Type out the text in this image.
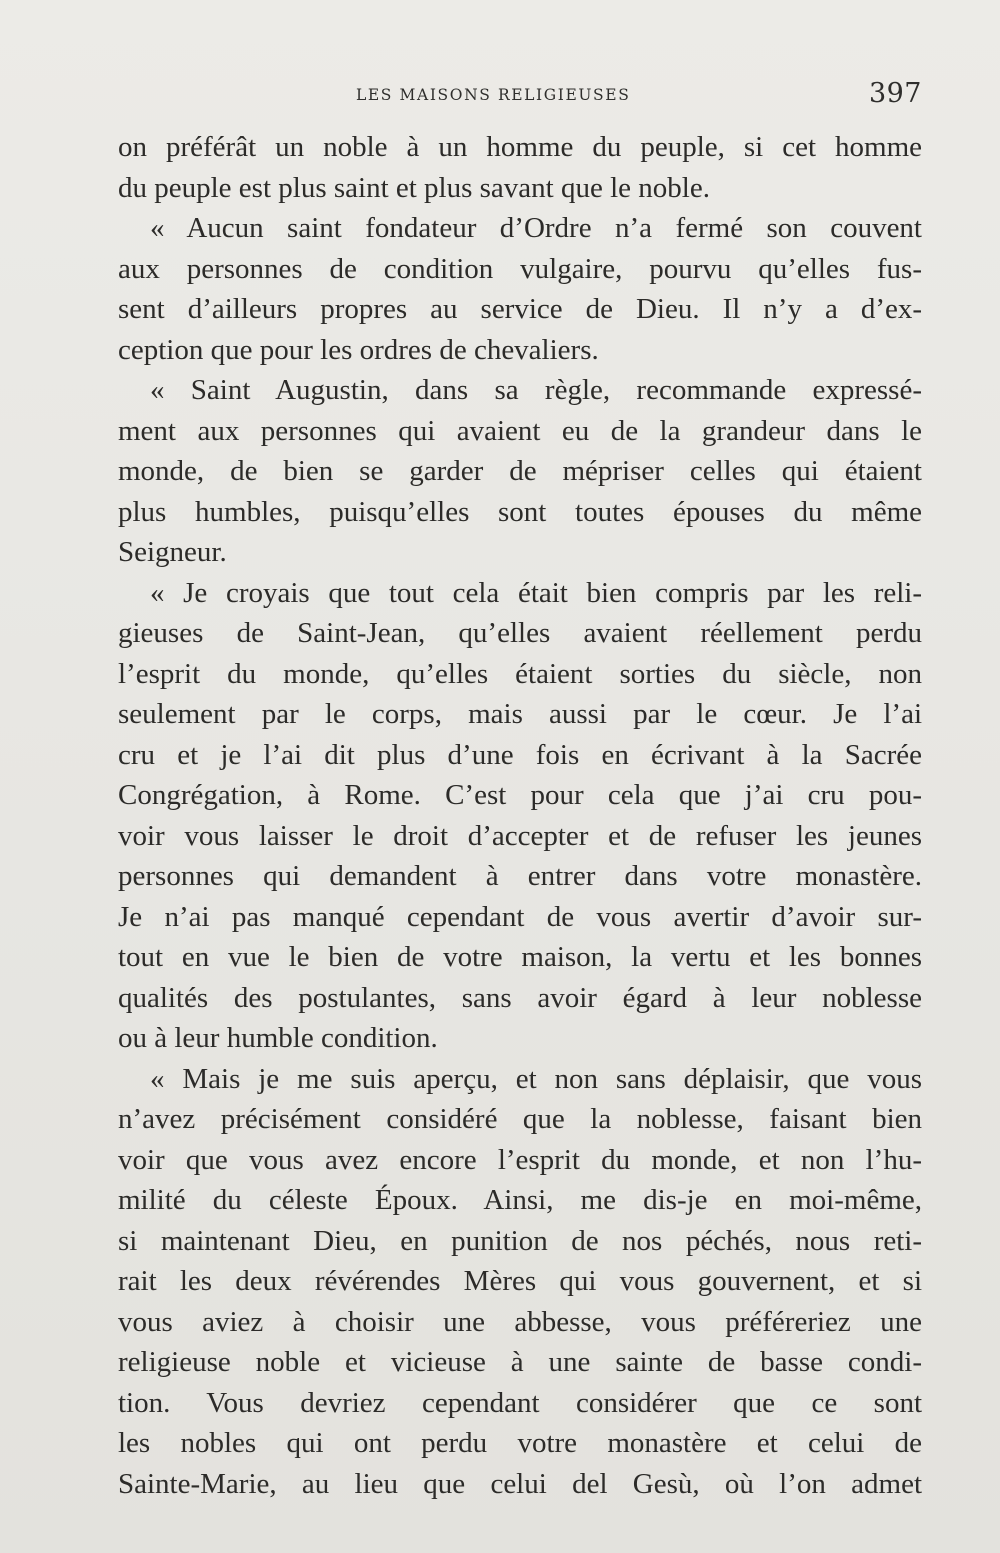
LES MAISONS RELIGIEUSES	397
on préférât un noble à un homme du peuple, si cet homme
du peuple est plus saint et plus savant que le noble.
« Aucun saint fondateur d’Ordre n’a fermé son couvent
aux personnes de condition vulgaire, pourvu qu’elles fus-
sent d’ailleurs propres au service de Dieu. Il n’y a d’ex-
ception que pour les ordres de chevaliers.
« Saint Augustin, dans sa règle, recommande expressé-
ment aux personnes qui avaient eu de la grandeur dans le
monde, de bien se garder de mépriser celles qui étaient
plus humbles, puisqu’elles sont toutes épouses du même
Seigneur.
« Je croyais que tout cela était bien compris par les reli-
gieuses de Saint-Jean, qu’elles avaient réellement perdu
l’esprit du monde, qu’elles étaient sorties du siècle, non
seulement par le corps, mais aussi par le cœur. Je l’ai
cru et je l’ai dit plus d’une fois en écrivant à la Sacrée
Congrégation, à Rome. C’est pour cela que j’ai cru pou-
voir vous laisser le droit d’accepter et de refuser les jeunes
personnes qui demandent à entrer dans votre monastère.
Je n’ai pas manqué cependant de vous avertir d’avoir sur-
tout en vue le bien de votre maison, la vertu et les bonnes
qualités des postulantes, sans avoir égard à leur noblesse
ou à leur humble condition.
« Mais je me suis aperçu, et non sans déplaisir, que vous
n’avez précisément considéré que la noblesse, faisant bien
voir que vous avez encore l’esprit du monde, et non l’hu-
milité du céleste Époux. Ainsi, me dis-je en moi-même,
si maintenant Dieu, en punition de nos péchés, nous reti-
rait les deux révérendes Mères qui vous gouvernent, et si
vous aviez à choisir une abbesse, vous préféreriez une
religieuse noble et vicieuse à une sainte de basse condi-
tion. Vous devriez cependant considérer que ce sont
les nobles qui ont perdu votre monastère et celui de
Sainte-Marie, au lieu que celui del Gesù, où l’on admet
